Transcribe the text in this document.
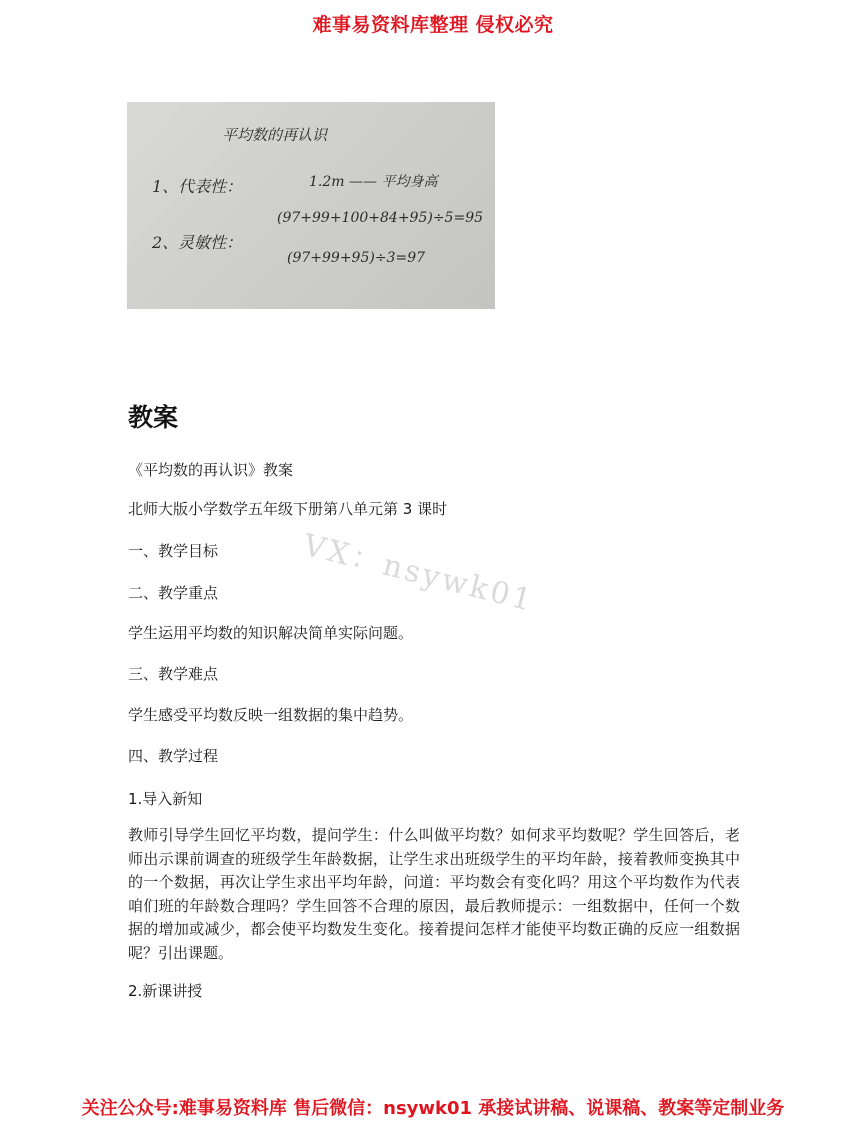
难事易资料库整理 侵权必究
平均数的再认识
1、代表性：
2、灵敏性：
1.2m —— 平均身高
(97+99+100+84+95)÷5=95
(97+99+95)÷3=97
教案
《平均数的再认识》教案
北师大版小学数学五年级下册第八单元第 3 课时
一、教学目标
二、教学重点
学生运用平均数的知识解决简单实际问题。
三、教学难点
学生感受平均数反映一组数据的集中趋势。
四、教学过程
1.导入新知
教师引导学生回忆平均数，提问学生：什么叫做平均数？如何求平均数呢？学生回答后，老师出示课前调查的班级学生年龄数据，让学生求出班级学生的平均年龄，接着教师变换其中的一个数据，再次让学生求出平均年龄，问道：平均数会有变化吗？用这个平均数作为代表咱们班的年龄数合理吗？学生回答不合理的原因，最后教师提示：一组数据中，任何一个数据的增加或减少，都会使平均数发生变化。接着提问怎样才能使平均数正确的反应一组数据呢？引出课题。
2.新课讲授
VX：nsywk01
关注公众号:难事易资料库 售后微信：nsywk01 承接试讲稿、说课稿、教案等定制业务
